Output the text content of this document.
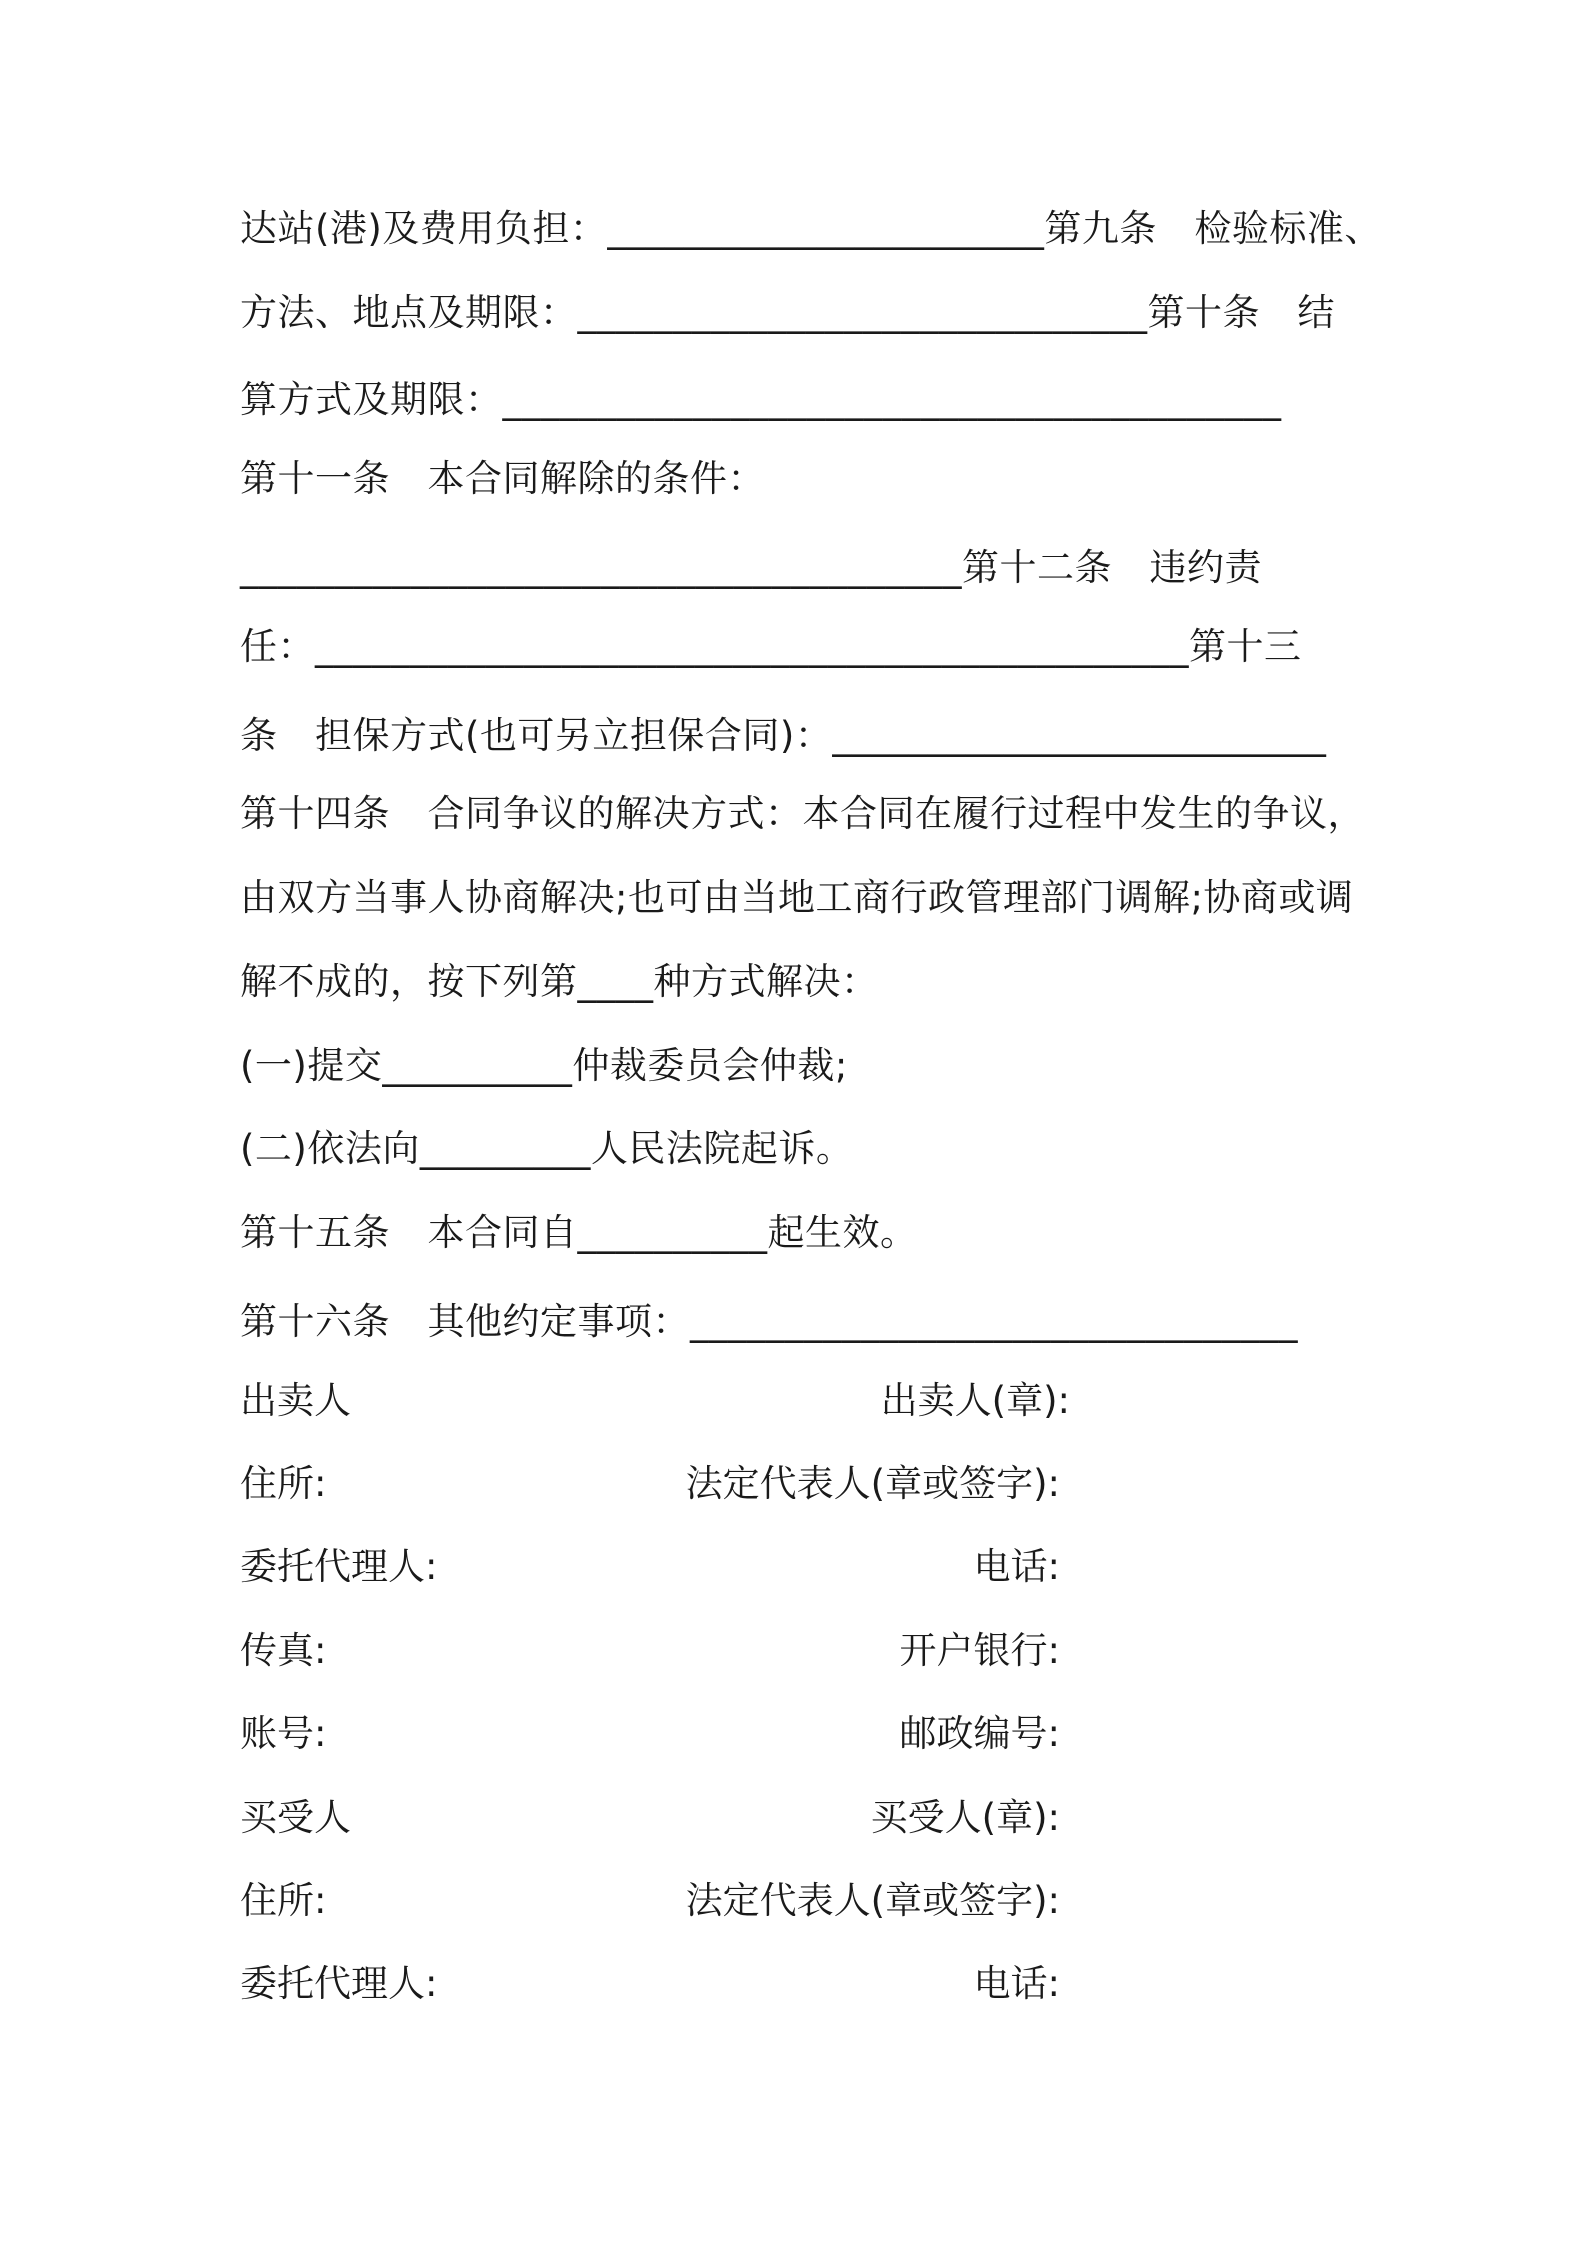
达站(港)及费用负担：_______________________第九条　检验标准、
方法、地点及期限：______________________________第十条　结
算方式及期限：_________________________________________
第十一条　本合同解除的条件：
______________________________________第十二条　违约责
任：______________________________________________第十三
条　担保方式(也可另立担保合同)：__________________________
第十四条　合同争议的解决方式：本合同在履行过程中发生的争议，
由双方当事人协商解决;也可由当地工商行政管理部门调解;协商或调
解不成的，按下列第____种方式解决：
(一)提交__________仲裁委员会仲裁;
(二)依法向_________人民法院起诉。
第十五条　本合同自__________起生效。
第十六条　其他约定事项：________________________________
出卖人	出卖人(章):
住所:	法定代表人(章或签字):
委托代理人:	电话:
传真:	开户银行:
账号:	邮政编号:
买受人	买受人(章):
住所:	法定代表人(章或签字):
委托代理人:	电话:
